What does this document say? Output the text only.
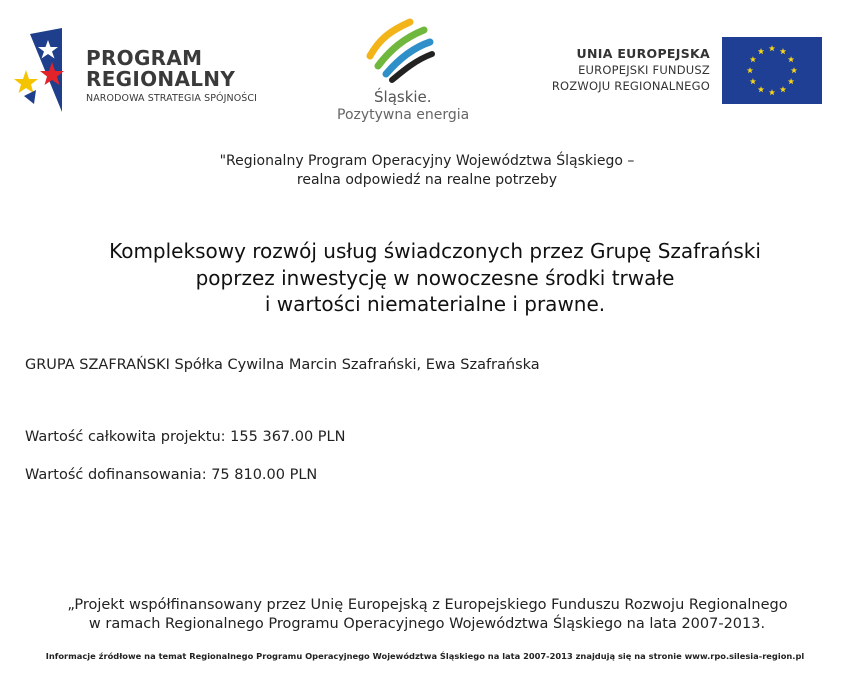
PROGRAM
REGIONALNY
NARODOWA STRATEGIA SPÓJNOŚCI	Śląskie.
Pozytywna energia
UNIA EUROPEJSKA
EUROPEJSKI FUNDUSZ
ROZWOJU REGIONALNEGO
"Regionalny Program Operacyjny Województwa Śląskiego –
realna odpowiedź na realne potrzeby
Kompleksowy rozwój usług świadczonych przez Grupę Szafrański
poprzez inwestycję w nowoczesne środki trwałe
i wartości niematerialne i prawne.
GRUPA SZAFRAŃSKI Spółka Cywilna Marcin Szafrański, Ewa Szafrańska
Wartość całkowita projektu: 155 367.00 PLN
Wartość dofinansowania: 75 810.00 PLN
„Projekt współfinansowany przez Unię Europejską z Europejskiego Funduszu Rozwoju Regionalnego
w ramach Regionalnego Programu Operacyjnego Województwa Śląskiego na lata 2007-2013.
Informacje źródłowe na temat Regionalnego Programu Operacyjnego Województwa Śląskiego na lata 2007-2013 znajdują się na stronie www.rpo.silesia-region.pl
